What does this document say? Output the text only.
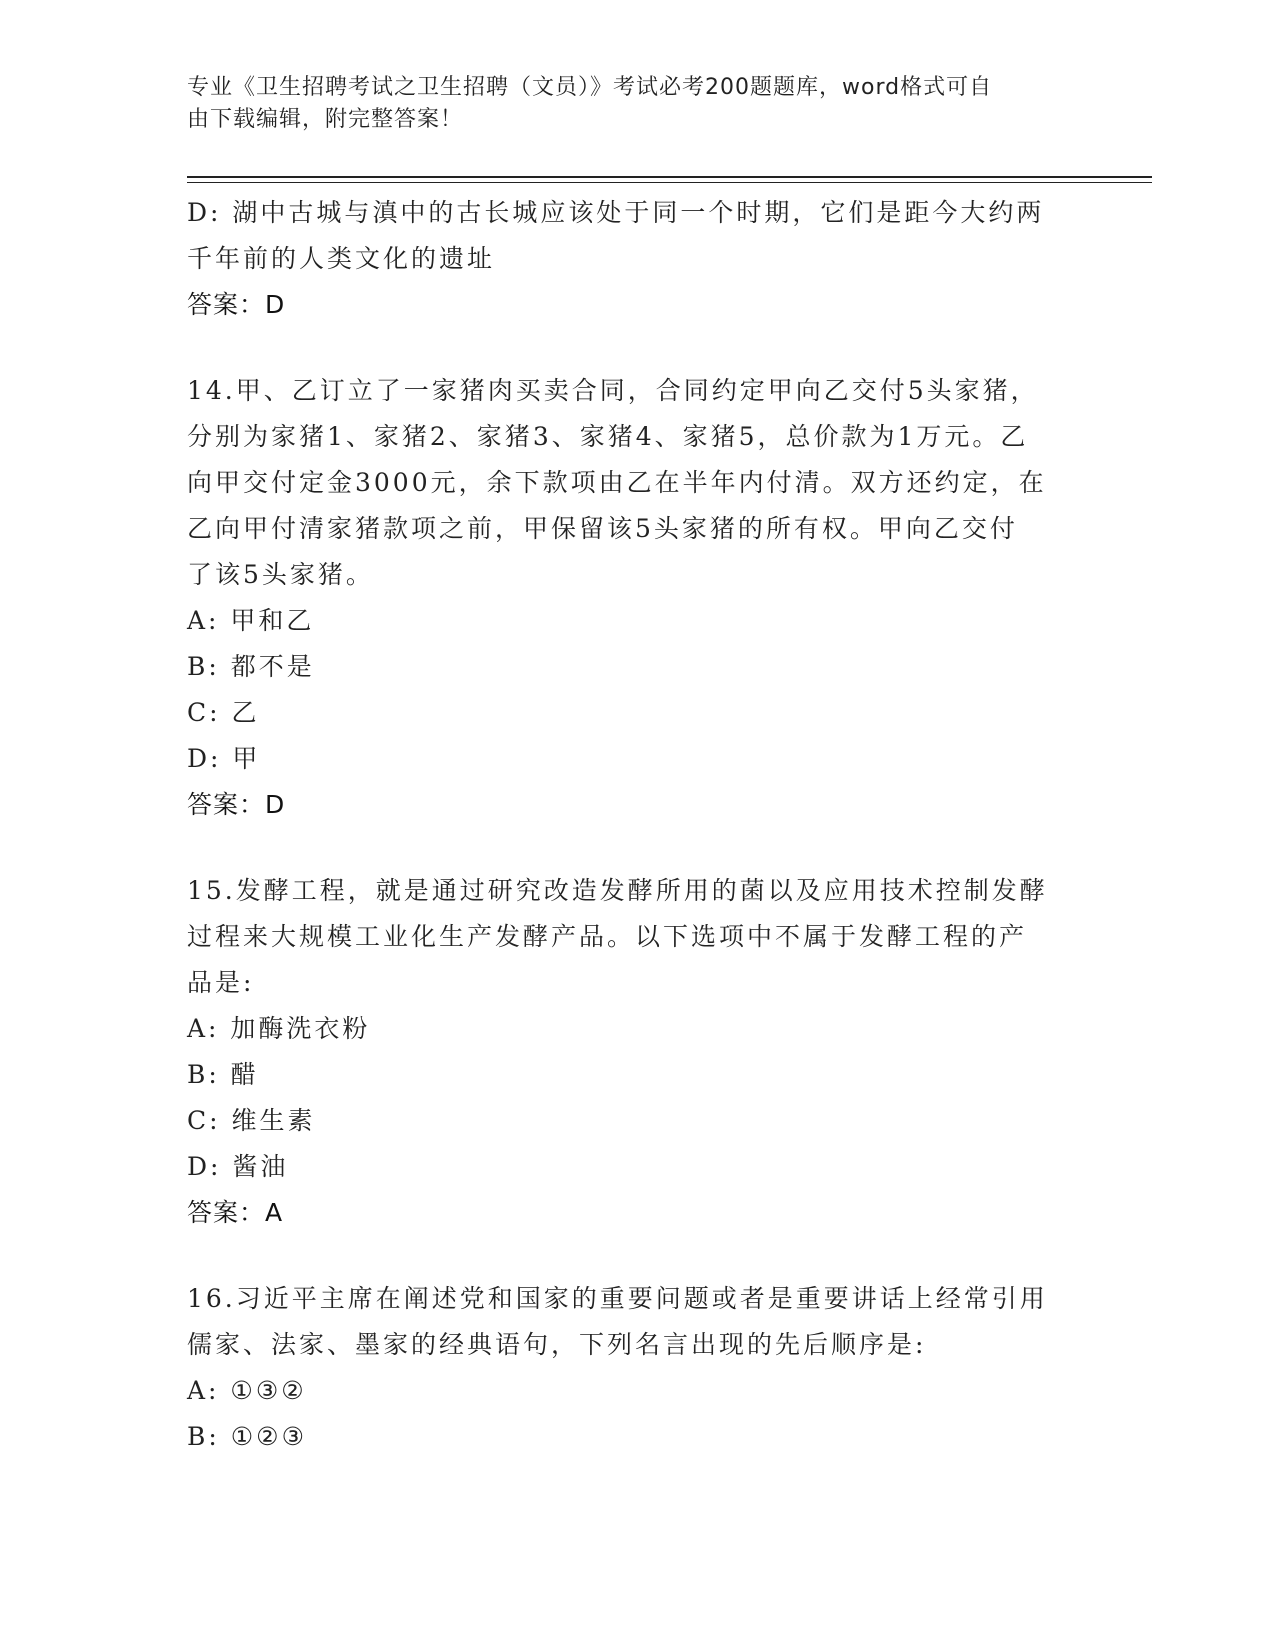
专业《卫生招聘考试之卫生招聘（文员）》考试必考200题题库，word格式可自
由下载编辑，附完整答案！
D: 湖中古城与滇中的古长城应该处于同一个时期，它们是距今大约两
千年前的人类文化的遗址
答案：D
14.甲、乙订立了一家猪肉买卖合同，合同约定甲向乙交付5头家猪，
分别为家猪1、家猪2、家猪3、家猪4、家猪5，总价款为1万元。乙
向甲交付定金3000元，余下款项由乙在半年内付清。双方还约定，在
乙向甲付清家猪款项之前，甲保留该5头家猪的所有权。甲向乙交付
了该5头家猪。
A: 甲和乙
B: 都不是
C: 乙
D: 甲
答案：D
15.发酵工程，就是通过研究改造发酵所用的菌以及应用技术控制发酵
过程来大规模工业化生产发酵产品。以下选项中不属于发酵工程的产
品是:
A: 加酶洗衣粉
B: 醋
C: 维生素
D: 酱油
答案：A
16.习近平主席在阐述党和国家的重要问题或者是重要讲话上经常引用
儒家、法家、墨家的经典语句，下列名言出现的先后顺序是:
A: ①③②
B: ①②③
